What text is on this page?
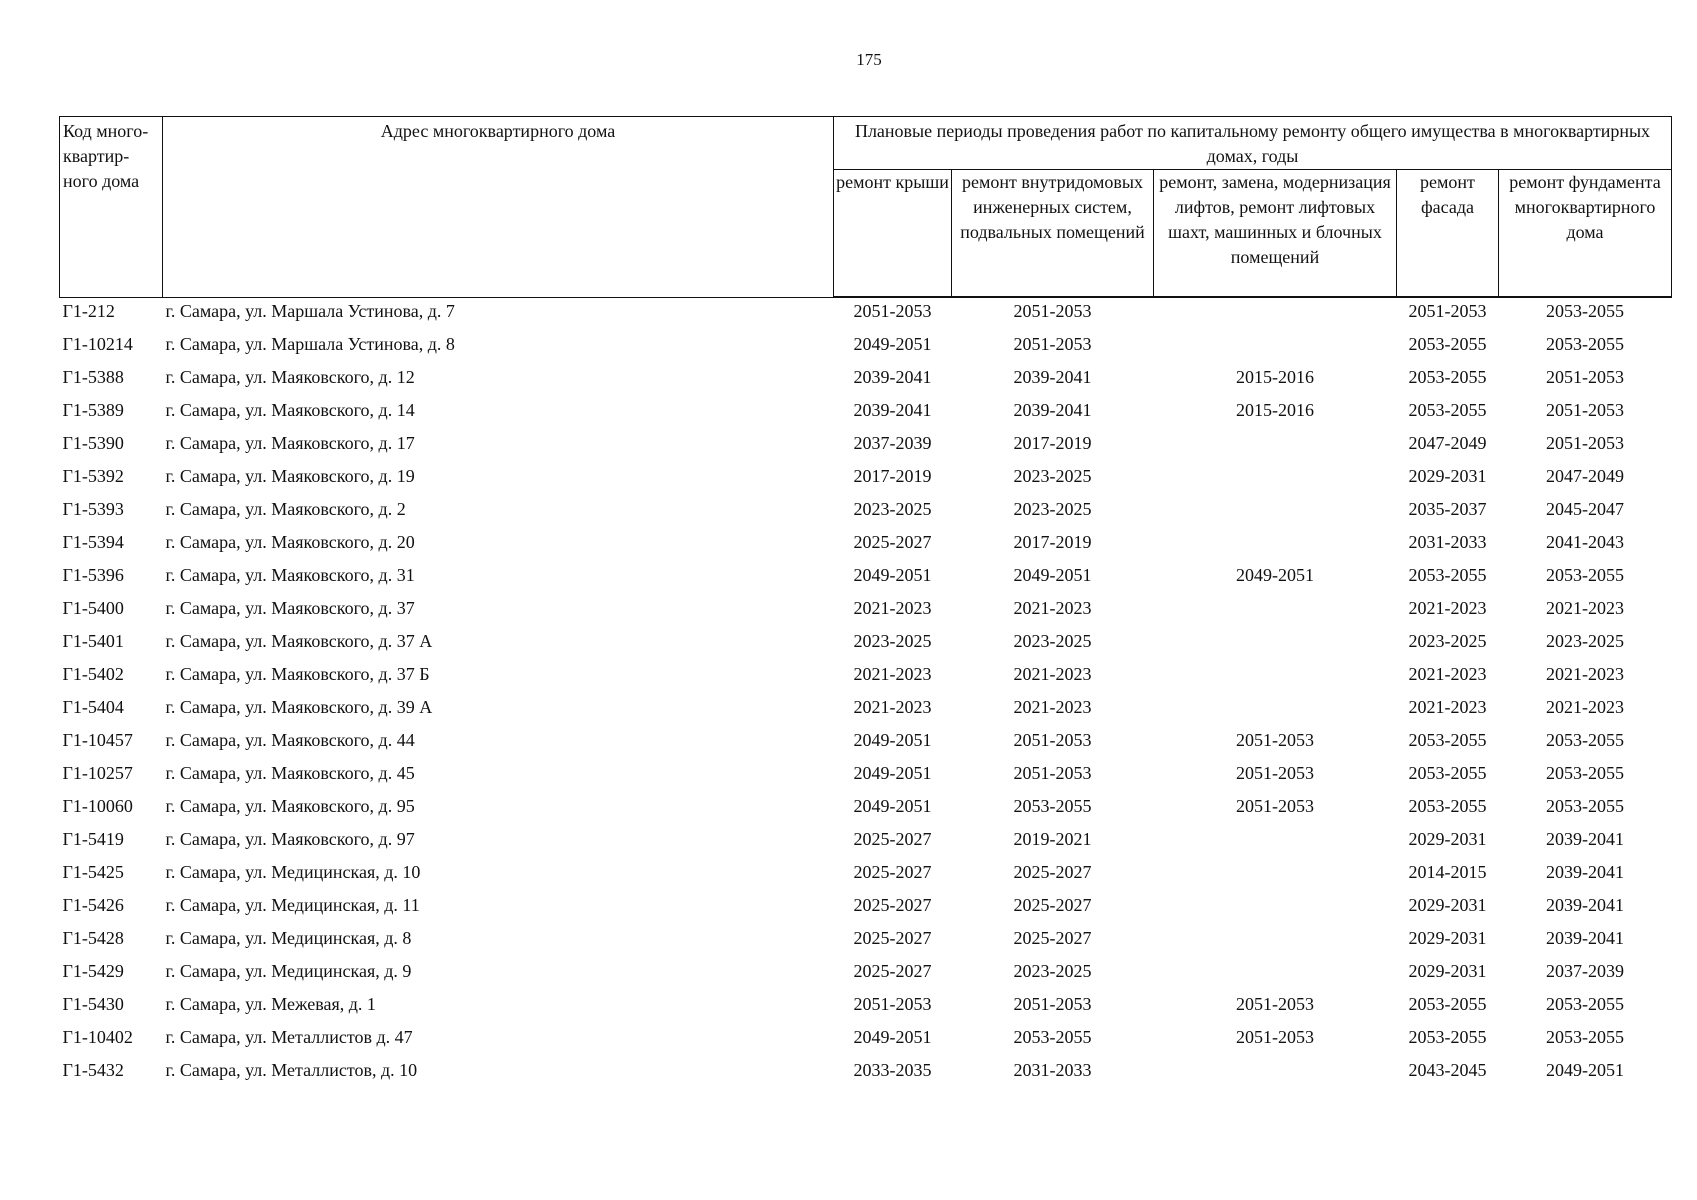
175
Код много-квартир-ного дома	Адрес многоквартирного дома	Плановые периоды проведения работ по капитальному ремонту общего имущества в многоквартирных домах, годы				
		ремонт крыши	ремонт внутридомовых инженерных систем, подвальных помещений	ремонт, замена, модернизация лифтов, ремонт лифтовых шахт, машинных и блочных помещений	ремонт фасада	ремонт фундамента многоквартирного дома
Г1-212	г. Самара, ул. Маршала Устинова, д. 7	2051-2053	2051-2053		2051-2053	2053-2055
Г1-10214	г. Самара, ул. Маршала Устинова, д. 8	2049-2051	2051-2053		2053-2055	2053-2055
Г1-5388	г. Самара, ул. Маяковского, д. 12	2039-2041	2039-2041	2015-2016	2053-2055	2051-2053
Г1-5389	г. Самара, ул. Маяковского, д. 14	2039-2041	2039-2041	2015-2016	2053-2055	2051-2053
Г1-5390	г. Самара, ул. Маяковского, д. 17	2037-2039	2017-2019		2047-2049	2051-2053
Г1-5392	г. Самара, ул. Маяковского, д. 19	2017-2019	2023-2025		2029-2031	2047-2049
Г1-5393	г. Самара, ул. Маяковского, д. 2	2023-2025	2023-2025		2035-2037	2045-2047
Г1-5394	г. Самара, ул. Маяковского, д. 20	2025-2027	2017-2019		2031-2033	2041-2043
Г1-5396	г. Самара, ул. Маяковского, д. 31	2049-2051	2049-2051	2049-2051	2053-2055	2053-2055
Г1-5400	г. Самара, ул. Маяковского, д. 37	2021-2023	2021-2023		2021-2023	2021-2023
Г1-5401	г. Самара, ул. Маяковского, д. 37 А	2023-2025	2023-2025		2023-2025	2023-2025
Г1-5402	г. Самара, ул. Маяковского, д. 37 Б	2021-2023	2021-2023		2021-2023	2021-2023
Г1-5404	г. Самара, ул. Маяковского, д. 39 А	2021-2023	2021-2023		2021-2023	2021-2023
Г1-10457	г. Самара, ул. Маяковского, д. 44	2049-2051	2051-2053	2051-2053	2053-2055	2053-2055
Г1-10257	г. Самара, ул. Маяковского, д. 45	2049-2051	2051-2053	2051-2053	2053-2055	2053-2055
Г1-10060	г. Самара, ул. Маяковского, д. 95	2049-2051	2053-2055	2051-2053	2053-2055	2053-2055
Г1-5419	г. Самара, ул. Маяковского, д. 97	2025-2027	2019-2021		2029-2031	2039-2041
Г1-5425	г. Самара, ул. Медицинская, д. 10	2025-2027	2025-2027		2014-2015	2039-2041
Г1-5426	г. Самара, ул. Медицинская, д. 11	2025-2027	2025-2027		2029-2031	2039-2041
Г1-5428	г. Самара, ул. Медицинская, д. 8	2025-2027	2025-2027		2029-2031	2039-2041
Г1-5429	г. Самара, ул. Медицинская, д. 9	2025-2027	2023-2025		2029-2031	2037-2039
Г1-5430	г. Самара, ул. Межевая, д. 1	2051-2053	2051-2053	2051-2053	2053-2055	2053-2055
Г1-10402	г. Самара, ул. Металлистов д. 47	2049-2051	2053-2055	2051-2053	2053-2055	2053-2055
Г1-5432	г. Самара, ул. Металлистов, д. 10	2033-2035	2031-2033		2043-2045	2049-2051
